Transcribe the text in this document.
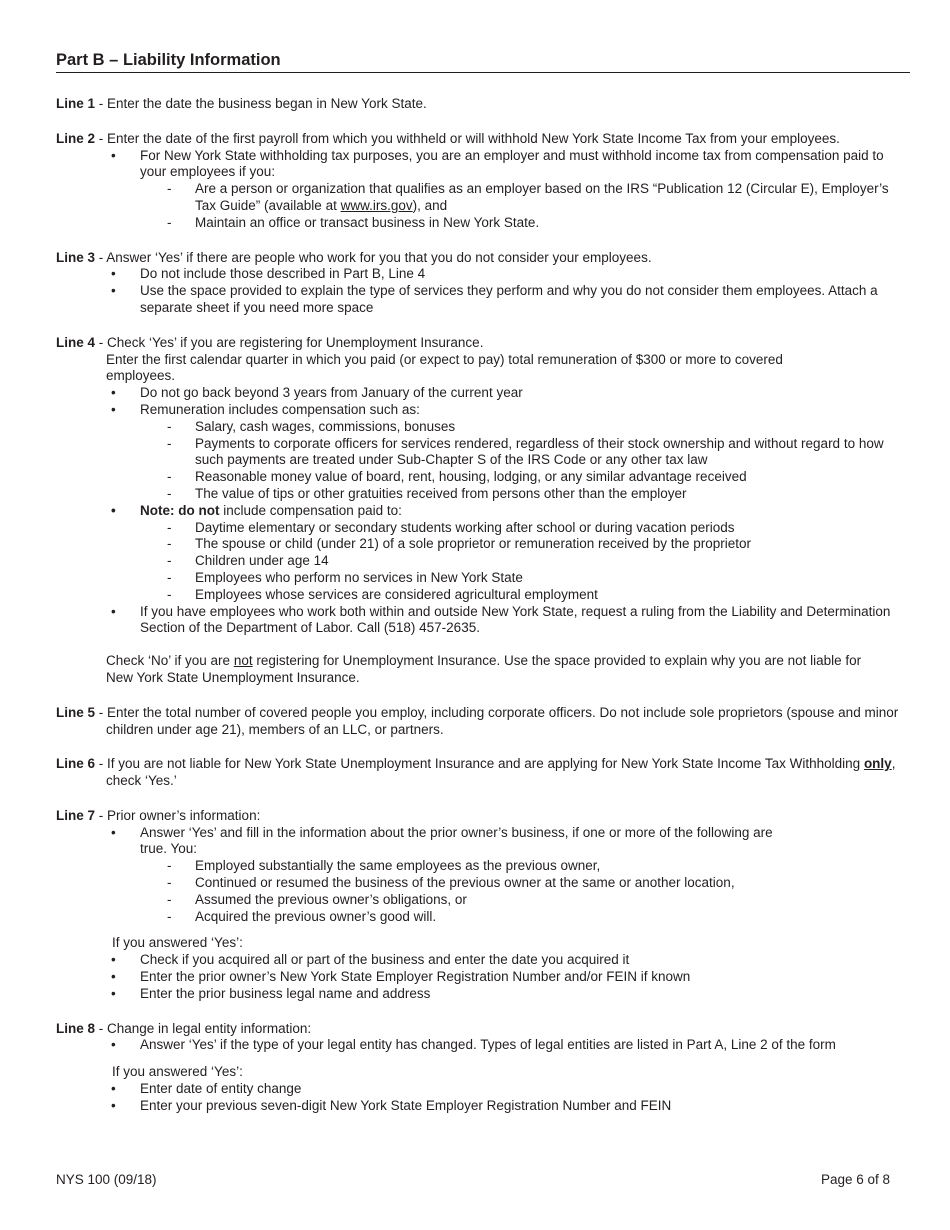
Part B – Liability Information
Line 1 - Enter the date the business began in New York State.
Line 2 - Enter the date of the first payroll from which you withheld or will withhold New York State Income Tax from your employees.
• For New York State withholding tax purposes, you are an employer and must withhold income tax from compensation paid to your employees if you:
- Are a person or organization that qualifies as an employer based on the IRS “Publication 12 (Circular E), Employer’s Tax Guide” (available at www.irs.gov), and
- Maintain an office or transact business in New York State.
Line 3 - Answer ‘Yes’ if there are people who work for you that you do not consider your employees.
• Do not include those described in Part B, Line 4
• Use the space provided to explain the type of services they perform and why you do not consider them employees. Attach a separate sheet if you need more space
Line 4 - Check ‘Yes’ if you are registering for Unemployment Insurance.
Enter the first calendar quarter in which you paid (or expect to pay) total remuneration of $300 or more to covered employees.
• Do not go back beyond 3 years from January of the current year
• Remuneration includes compensation such as:
- Salary, cash wages, commissions, bonuses
- Payments to corporate officers for services rendered, regardless of their stock ownership and without regard to how such payments are treated under Sub-Chapter S of the IRS Code or any other tax law
- Reasonable money value of board, rent, housing, lodging, or any similar advantage received
- The value of tips or other gratuities received from persons other than the employer
• Note: do not include compensation paid to:
- Daytime elementary or secondary students working after school or during vacation periods
- The spouse or child (under 21) of a sole proprietor or remuneration received by the proprietor
- Children under age 14
- Employees who perform no services in New York State
- Employees whose services are considered agricultural employment
• If you have employees who work both within and outside New York State, request a ruling from the Liability and Determination Section of the Department of Labor. Call (518) 457-2635.
Check ‘No’ if you are not registering for Unemployment Insurance. Use the space provided to explain why you are not liable for New York State Unemployment Insurance.
Line 5 - Enter the total number of covered people you employ, including corporate officers. Do not include sole proprietors (spouse and minor children under age 21), members of an LLC, or partners.
Line 6 - If you are not liable for New York State Unemployment Insurance and are applying for New York State Income Tax Withholding only, check ‘Yes.’
Line 7 - Prior owner’s information:
• Answer ‘Yes’ and fill in the information about the prior owner’s business, if one or more of the following are true. You:
- Employed substantially the same employees as the previous owner,
- Continued or resumed the business of the previous owner at the same or another location,
- Assumed the previous owner’s obligations, or
- Acquired the previous owner’s good will.
If you answered ‘Yes’:
• Check if you acquired all or part of the business and enter the date you acquired it
• Enter the prior owner’s New York State Employer Registration Number and/or FEIN if known
• Enter the prior business legal name and address
Line 8 - Change in legal entity information:
• Answer ‘Yes’ if the type of your legal entity has changed. Types of legal entities are listed in Part A, Line 2 of the form
If you answered ‘Yes’:
• Enter date of entity change
• Enter your previous seven-digit New York State Employer Registration Number and FEIN
NYS 100 (09/18)	Page 6 of 8
